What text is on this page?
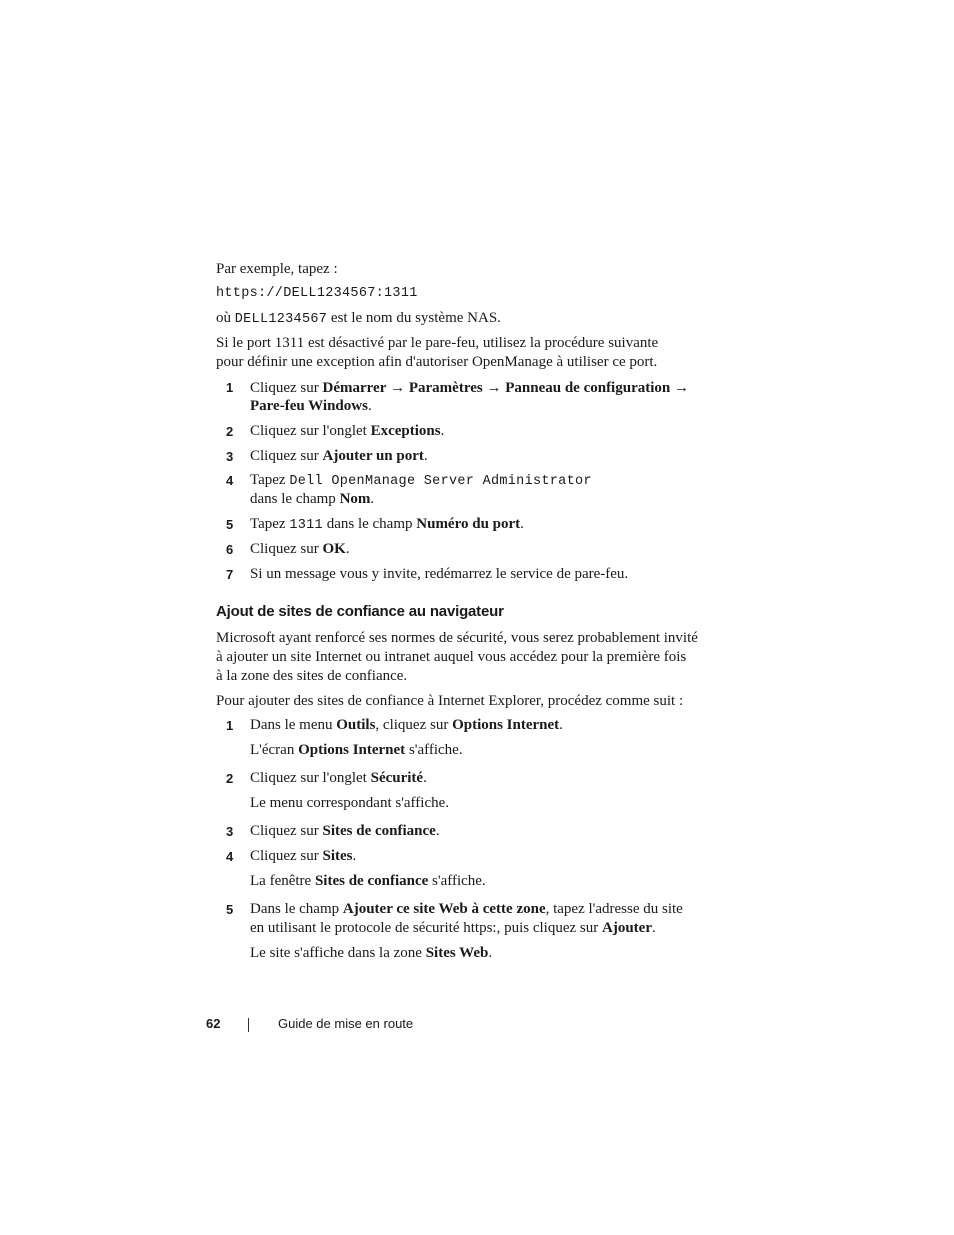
Par exemple, tapez :
https://DELL1234567:1311
où DELL1234567 est le nom du système NAS.
Si le port 1311 est désactivé par le pare-feu, utilisez la procédure suivante
pour définir une exception afin d'autoriser OpenManage à utiliser ce port.
1 Cliquez sur Démarrer → Paramètres → Panneau de configuration →
Pare-feu Windows.
2 Cliquez sur l'onglet Exceptions.
3 Cliquez sur Ajouter un port.
4 Tapez Dell OpenManage Server Administrator
dans le champ Nom.
5 Tapez 1311 dans le champ Numéro du port.
6 Cliquez sur OK.
7 Si un message vous y invite, redémarrez le service de pare-feu.
Ajout de sites de confiance au navigateur
Microsoft ayant renforcé ses normes de sécurité, vous serez probablement invité
à ajouter un site Internet ou intranet auquel vous accédez pour la première fois
à la zone des sites de confiance.
Pour ajouter des sites de confiance à Internet Explorer, procédez comme suit :
1 Dans le menu Outils, cliquez sur Options Internet.
L'écran Options Internet s'affiche.
2 Cliquez sur l'onglet Sécurité.
Le menu correspondant s'affiche.
3 Cliquez sur Sites de confiance.
4 Cliquez sur Sites.
La fenêtre Sites de confiance s'affiche.
5 Dans le champ Ajouter ce site Web à cette zone, tapez l'adresse du site
en utilisant le protocole de sécurité https:, puis cliquez sur Ajouter.
Le site s'affiche dans la zone Sites Web.
62	Guide de mise en route
